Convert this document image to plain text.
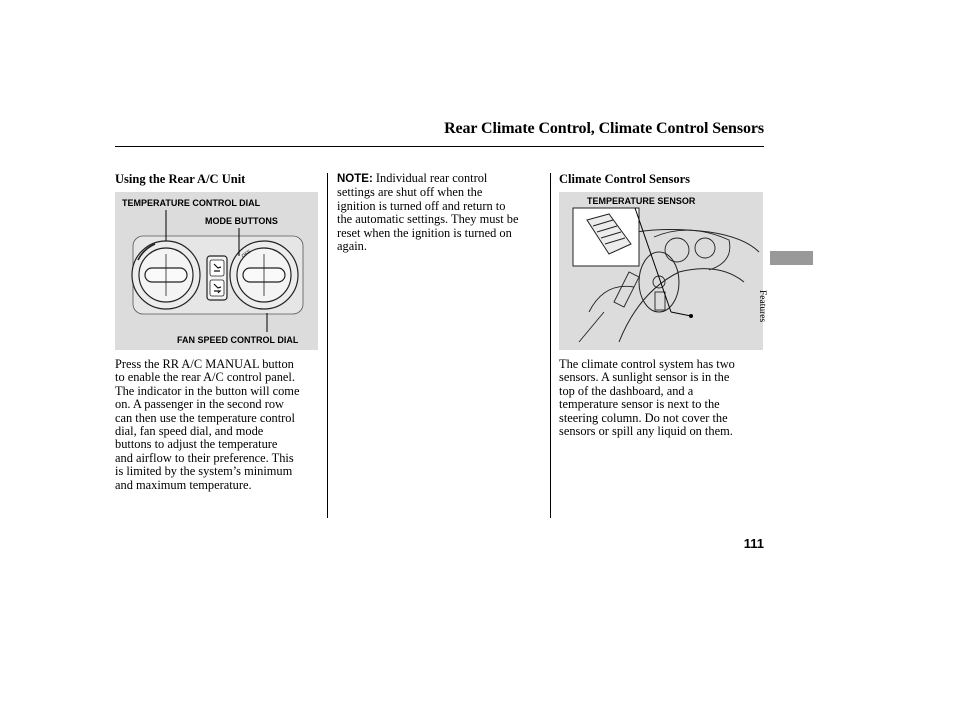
Rear Climate Control, Climate Control Sensors
Using the Rear A/C Unit
OFF
TEMPERATURE CONTROL DIAL
MODE BUTTONS
FAN SPEED CONTROL DIAL
Press the RR A/C MANUAL button
to enable the rear A/C control panel.
The indicator in the button will come
on. A passenger in the second row
can then use the temperature control
dial, fan speed dial, and mode
buttons to adjust the temperature
and airflow to their preference. This
is limited by the system’s minimum
and maximum temperature.
NOTE: Individual rear control
settings are shut off when the
ignition is turned off and return to
the automatic settings. They must be
reset when the ignition is turned on
again.
Climate Control Sensors
TEMPERATURE SENSOR
The climate control system has two
sensors. A sunlight sensor is in the
top of the dashboard, and a
temperature sensor is next to the
steering column. Do not cover the
sensors or spill any liquid on them.
Features
111
